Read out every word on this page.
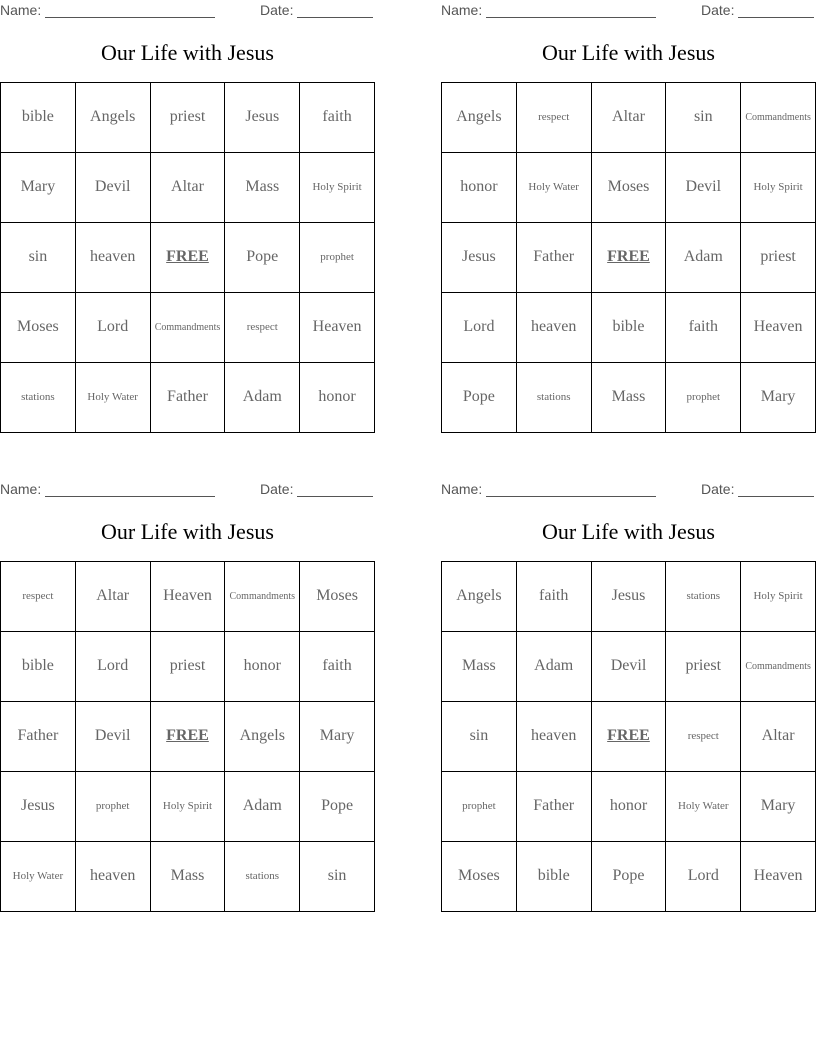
Name:	Date:
Our Life with Jesus
bible	Angels	priest	Jesus	faith
Mary	Devil	Altar	Mass	Holy Spirit
sin	heaven	FREE	Pope	prophet
Moses	Lord	Commandments	respect	Heaven
stations	Holy Water	Father	Adam	honor
Name:	Date:
Our Life with Jesus
Angels	respect	Altar	sin	Commandments
honor	Holy Water	Moses	Devil	Holy Spirit
Jesus	Father	FREE	Adam	priest
Lord	heaven	bible	faith	Heaven
Pope	stations	Mass	prophet	Mary
Name:	Date:
Our Life with Jesus
respect	Altar	Heaven	Commandments	Moses
bible	Lord	priest	honor	faith
Father	Devil	FREE	Angels	Mary
Jesus	prophet	Holy Spirit	Adam	Pope
Holy Water	heaven	Mass	stations	sin
Name:	Date:
Our Life with Jesus
Angels	faith	Jesus	stations	Holy Spirit
Mass	Adam	Devil	priest	Commandments
sin	heaven	FREE	respect	Altar
prophet	Father	honor	Holy Water	Mary
Moses	bible	Pope	Lord	Heaven
